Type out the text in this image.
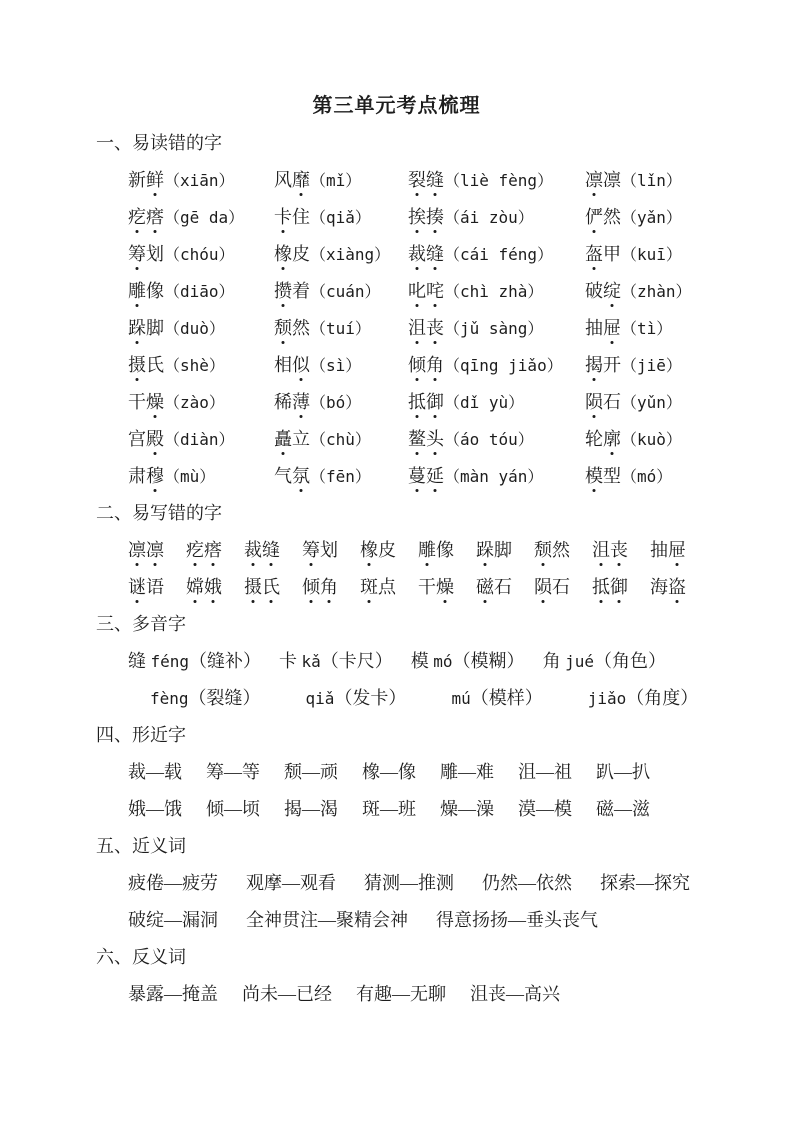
第三单元考点梳理
一、易读错的字
新鲜（xiān）	风靡（mǐ）	裂缝（liè fèng）	凛凛（lǐn）
疙瘩（gē da）	卡住（qiǎ）	挨揍（ái zòu）	俨然（yǎn）
筹划（chóu）	橡皮（xiàng） 裁缝（cái féng）	盔甲（kuī）
雕像（diāo）	攒着（cuán）	叱咤（chì zhà）	破绽（zhàn）
跺脚（duò）	颓然（tuí）	沮丧（jǔ sàng）	抽屉（tì）
摄氏（shè）	相似（sì）	倾角（qīng jiǎo）	揭开（jiē）
干燥（zào）	稀薄（bó）	抵御（dǐ yù）	陨石（yǔn）
宫殿（diàn）	矗立（chù）	鳌头（áo tóu）	轮廓（kuò）
肃穆（mù）	气氛（fēn）	蔓延（màn yán）	模型（mó）
二、易写错的字
凛凛 疙瘩 裁缝 筹划 橡皮 雕像 跺脚 颓然 沮丧 抽屉
谜语 嫦娥 摄氏 倾角 斑点 干燥 磁石 陨石 抵御 海盗
三、多音字
缝 féng（缝补） 卡 kǎ（卡尺） 模 mó（模糊） 角 jué（角色）
fèng（裂缝）	qiǎ（发卡）	mú（模样）	jiǎo（角度）
四、形近字
裁—载 筹—等 颓—顽 橡—像 雕—难 沮—祖 趴—扒
娥—饿 倾—顷 揭—渴 斑—班 燥—澡 漠—模 磁—滋
五、近义词
疲倦—疲劳 观摩—观看 猜测—推测 仍然—依然 探索—探究
破绽—漏洞 全神贯注—聚精会神 得意扬扬—垂头丧气
六、反义词
暴露—掩盖 尚未—已经 有趣—无聊 沮丧—高兴
